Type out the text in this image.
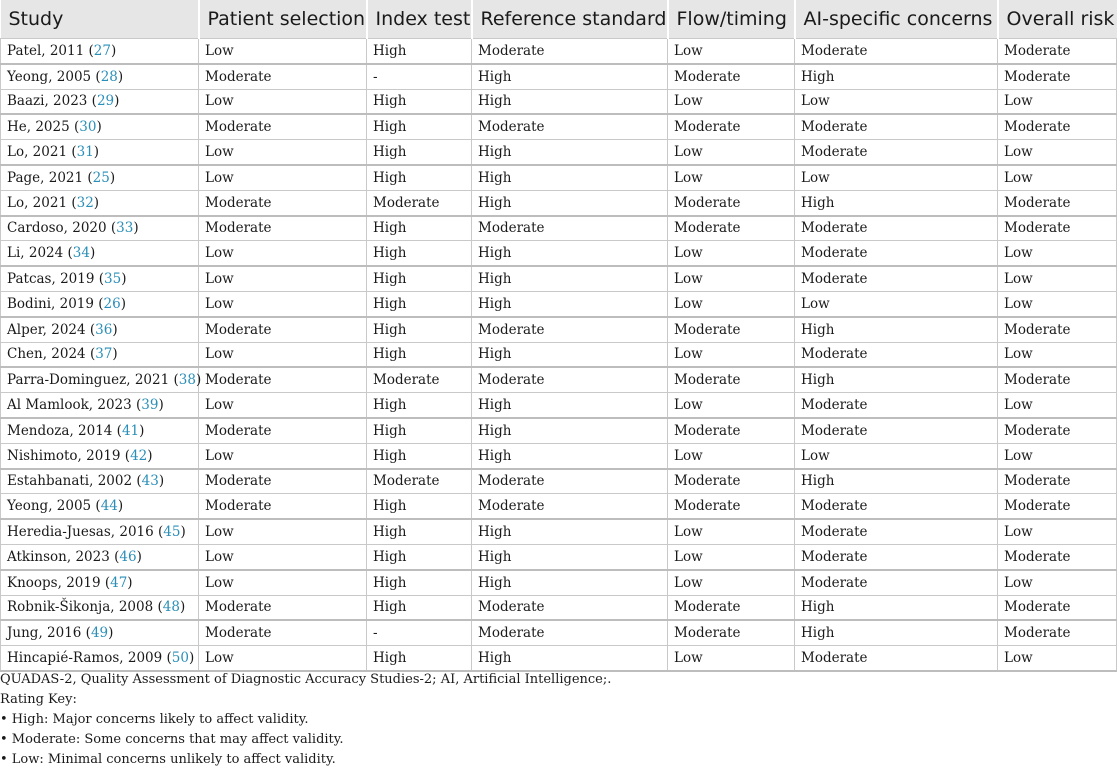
Study	Patient selection	Index test	Reference standard	Flow/timing	AI-specific concerns	Overall risk
Patel, 2011 (27)	Low	High	Moderate	Low	Moderate	Moderate
Yeong, 2005 (28)	Moderate	-	High	Moderate	High	Moderate
Baazi, 2023 (29)	Low	High	High	Low	Low	Low
He, 2025 (30)	Moderate	High	Moderate	Moderate	Moderate	Moderate
Lo, 2021 (31)	Low	High	High	Low	Moderate	Low
Page, 2021 (25)	Low	High	High	Low	Low	Low
Lo, 2021 (32)	Moderate	Moderate	High	Moderate	High	Moderate
Cardoso, 2020 (33)	Moderate	High	Moderate	Moderate	Moderate	Moderate
Li, 2024 (34)	Low	High	High	Low	Moderate	Low
Patcas, 2019 (35)	Low	High	High	Low	Moderate	Low
Bodini, 2019 (26)	Low	High	High	Low	Low	Low
Alper, 2024 (36)	Moderate	High	Moderate	Moderate	High	Moderate
Chen, 2024 (37)	Low	High	High	Low	Moderate	Low
Parra-Dominguez, 2021 (38)	Moderate	Moderate	Moderate	Moderate	High	Moderate
Al Mamlook, 2023 (39)	Low	High	High	Low	Moderate	Low
Mendoza, 2014 (41)	Moderate	High	High	Moderate	Moderate	Moderate
Nishimoto, 2019 (42)	Low	High	High	Low	Low	Low
Estahbanati, 2002 (43)	Moderate	Moderate	Moderate	Moderate	High	Moderate
Yeong, 2005 (44)	Moderate	High	Moderate	Moderate	Moderate	Moderate
Heredia-Juesas, 2016 (45)	Low	High	High	Low	Moderate	Low
Atkinson, 2023 (46)	Low	High	High	Low	Moderate	Moderate
Knoops, 2019 (47)	Low	High	High	Low	Moderate	Low
Robnik-Šikonja, 2008 (48)	Moderate	High	Moderate	Moderate	High	Moderate
Jung, 2016 (49)	Moderate	-	Moderate	Moderate	High	Moderate
Hincapié-Ramos, 2009 (50)	Low	High	High	Low	Moderate	Low
QUADAS-2, Quality Assessment of Diagnostic Accuracy Studies-2; AI, Artificial Intelligence;.
Rating Key:
• High: Major concerns likely to affect validity.
• Moderate: Some concerns that may affect validity.
• Low: Minimal concerns unlikely to affect validity.
